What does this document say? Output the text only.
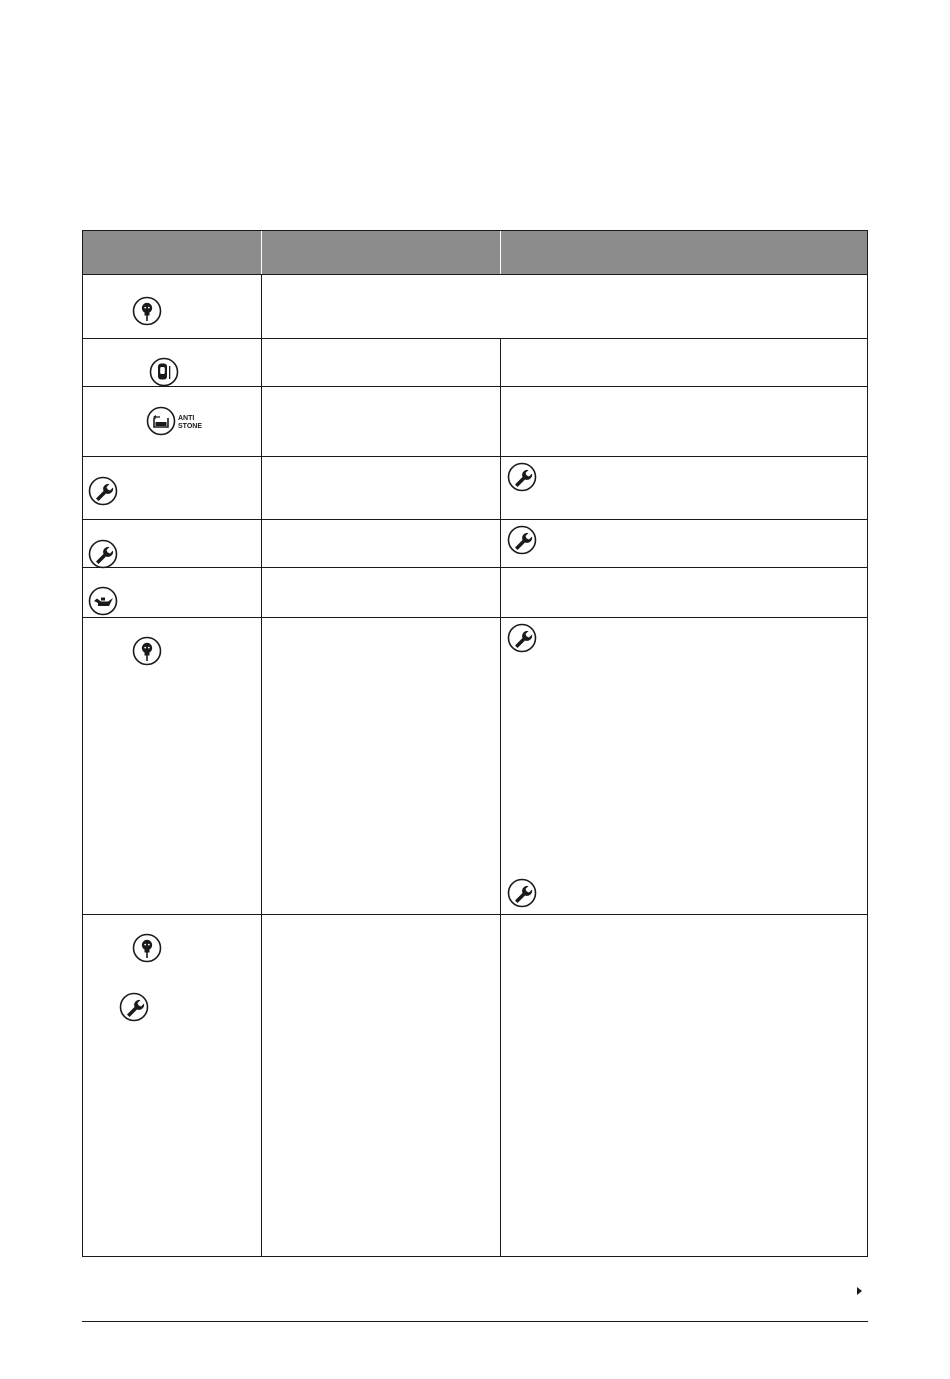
ANTI
STONE
